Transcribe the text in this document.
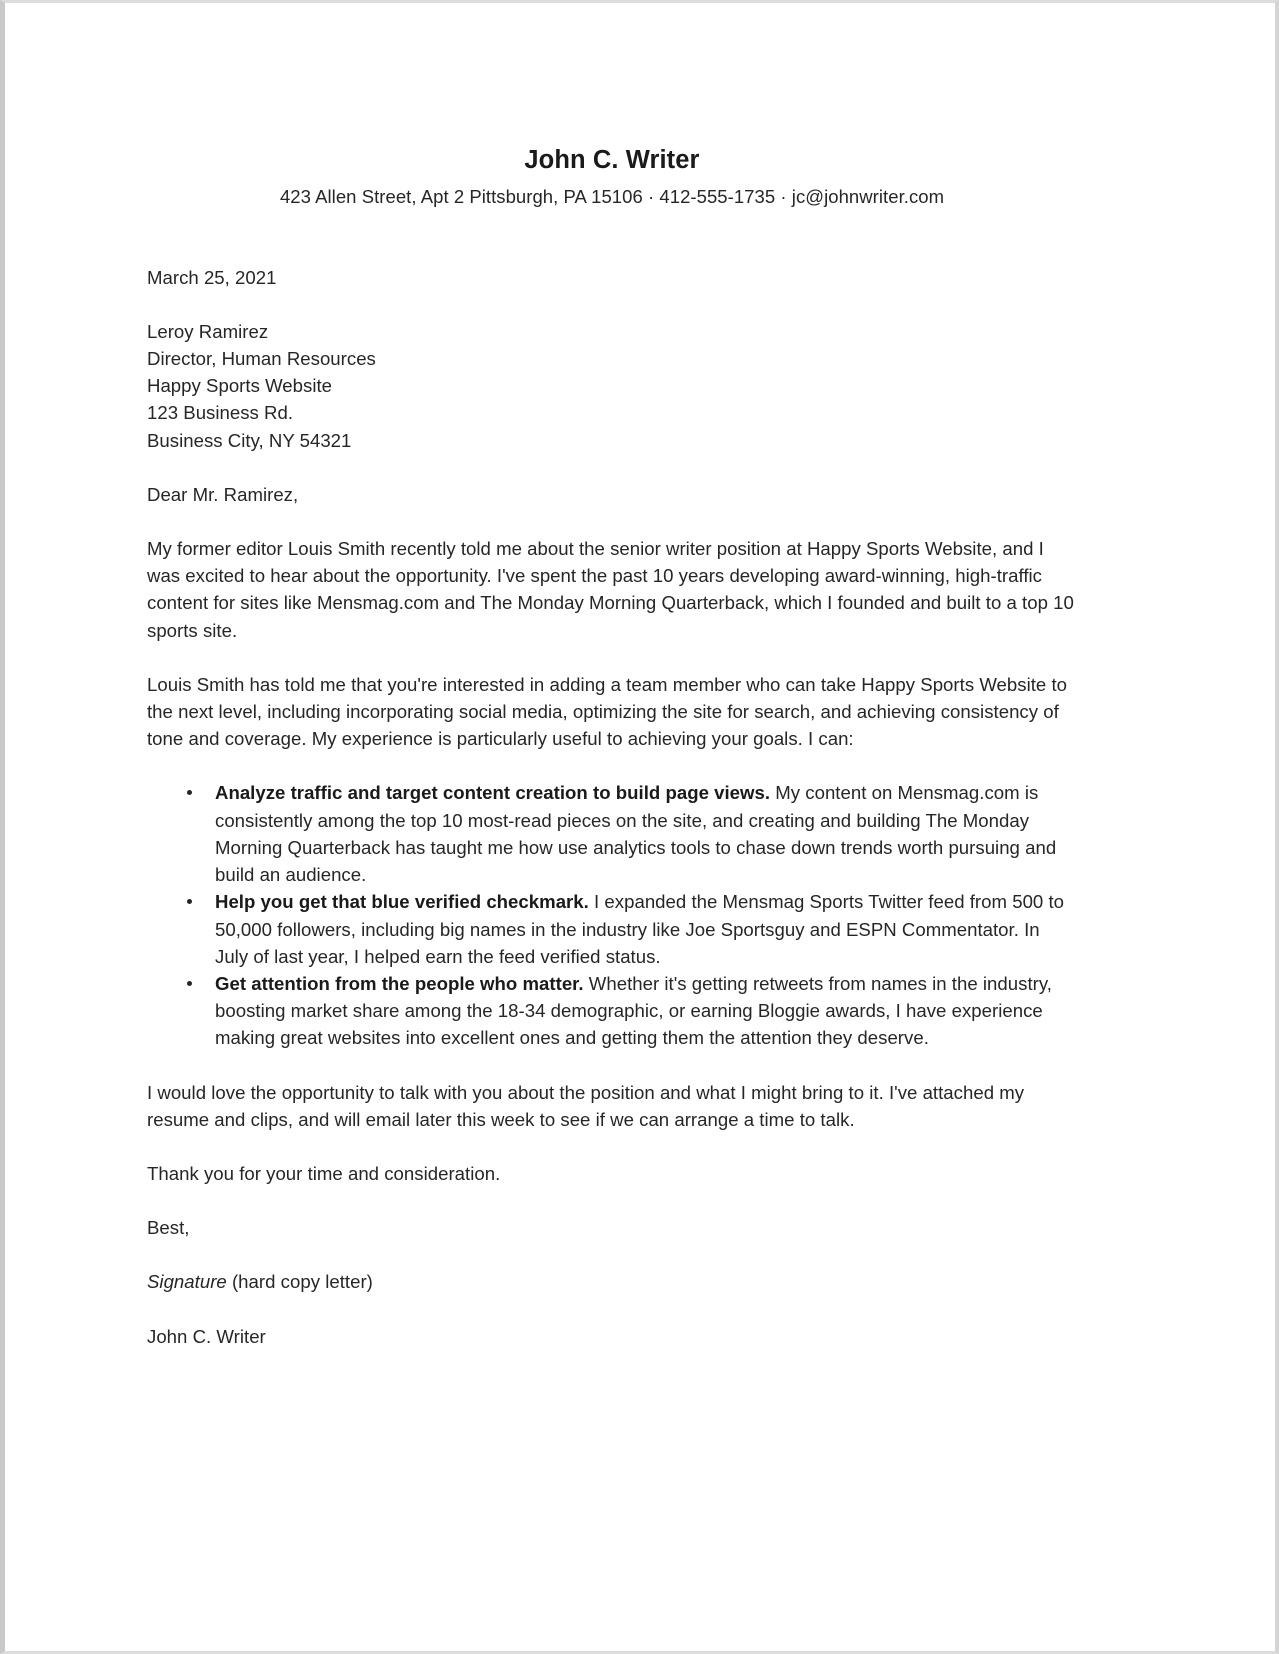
John C. Writer
423 Allen Street, Apt 2 Pittsburgh, PA 15106 · 412-555-1735 · jc@johnwriter.com
March 25, 2021
Leroy Ramirez
Director, Human Resources
Happy Sports Website
123 Business Rd.
Business City, NY 54321
Dear Mr. Ramirez,

My former editor Louis Smith recently told me about the senior writer position at Happy Sports Website, and I was excited to hear about the opportunity. I've spent the past 10 years developing award-winning, high-traffic content for sites like Mensmag.com and The Monday Morning Quarterback, which I founded and built to a top 10 sports site.

Louis Smith has told me that you're interested in adding a team member who can take Happy Sports Website to the next level, including incorporating social media, optimizing the site for search, and achieving consistency of tone and coverage. My experience is particularly useful to achieving your goals. I can:

Analyze traffic and target content creation to build page views. My content on Mensmag.com is consistently among the top 10 most-read pieces on the site, and creating and building The Monday Morning Quarterback has taught me how use analytics tools to chase down trends worth pursuing and build an audience.
Help you get that blue verified checkmark. I expanded the Mensmag Sports Twitter feed from 500 to 50,000 followers, including big names in the industry like Joe Sportsguy and ESPN Commentator. In July of last year, I helped earn the feed verified status.
Get attention from the people who matter. Whether it's getting retweets from names in the industry, boosting market share among the 18-34 demographic, or earning Bloggie awards, I have experience making great websites into excellent ones and getting them the attention they deserve.

I would love the opportunity to talk with you about the position and what I might bring to it. I've attached my resume and clips, and will email later this week to see if we can arrange a time to talk.

Thank you for your time and consideration.

Best,
Signature (hard copy letter)
John C. Writer
